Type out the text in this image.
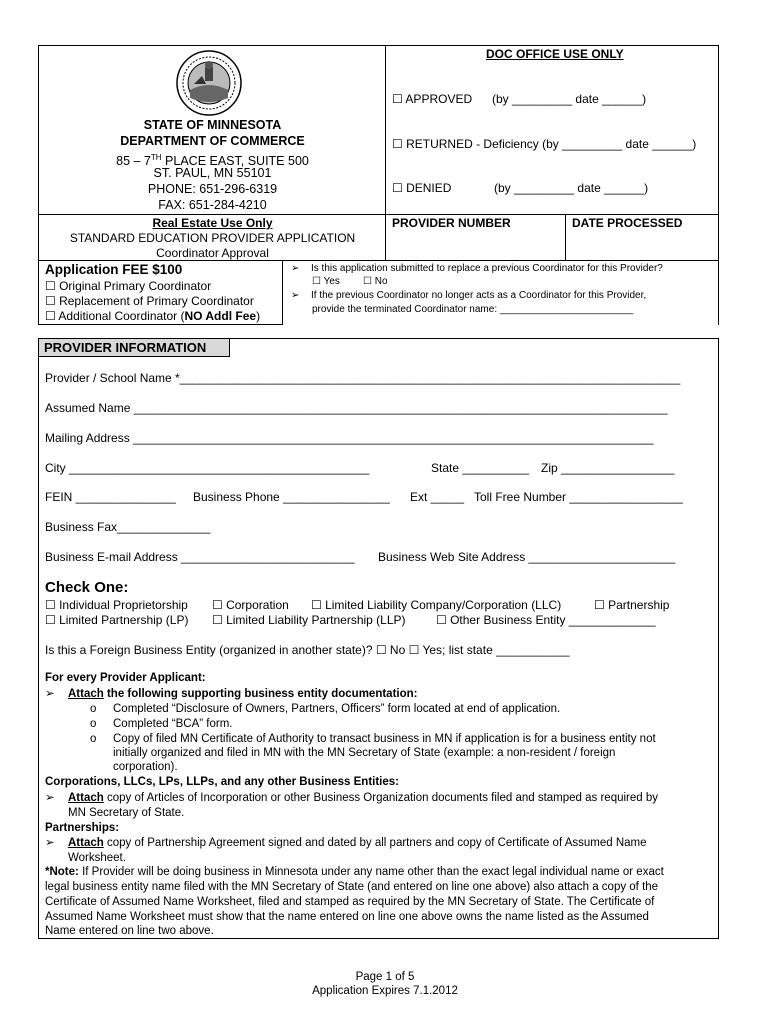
STATE OF MINNESOTA
DEPARTMENT OF COMMERCE
85 – 7TH PLACE EAST, SUITE 500
ST. PAUL, MN 55101
PHONE: 651-296-6319
FAX: 651-284-4210
Real Estate Use Only
STANDARD EDUCATION PROVIDER APPLICATION
Coordinator Approval
DOC OFFICE USE ONLY
☐ APPROVED (by _________ date ______)
☐ RETURNED - Deficiency (by _________ date ______)
☐ DENIED	(by _________ date ______)
PROVIDER NUMBER	DATE PROCESSED
Application FEE $100
☐ Original Primary Coordinator
☐ Replacement of Primary Coordinator
☐ Additional Coordinator (NO Addl Fee)
➢ Is this application submitted to replace a previous Coordinator for this Provider?
☐ Yes ☐ No
➢ If the previous Coordinator no longer acts as a Coordinator for this Provider,
provide the terminated Coordinator name: ________________________
PROVIDER INFORMATION
Provider / School Name *___________________________________________________________________________
Assumed Name ________________________________________________________________________________
Mailing Address ______________________________________________________________________________
City _____________________________________________	State __________ Zip _________________
FEIN _______________ Business Phone ________________ Ext _____ Toll Free Number _________________
Business Fax______________
Business E-mail Address __________________________ Business Web Site Address ______________________
Check One:
☐ Individual Proprietorship ☐ Corporation ☐ Limited Liability Company/Corporation (LLC)	☐ Partnership
☐ Limited Partnership (LP) ☐ Limited Liability Partnership (LLP)	☐ Other Business Entity _____________
Is this a Foreign Business Entity (organized in another state)? ☐ No ☐ Yes; list state ___________
For every Provider Applicant:
➢ Attach the following supporting business entity documentation:
o Completed “Disclosure of Owners, Partners, Officers” form located at end of application.
o Completed “BCA” form.
o Copy of filed MN Certificate of Authority to transact business in MN if application is for a business entity not
initially organized and filed in MN with the MN Secretary of State (example: a non-resident / foreign
corporation).
Corporations, LLCs, LPs, LLPs, and any other Business Entities:
➢ Attach copy of Articles of Incorporation or other Business Organization documents filed and stamped as required by
MN Secretary of State.
Partnerships:
➢ Attach copy of Partnership Agreement signed and dated by all partners and copy of Certificate of Assumed Name
Worksheet.
*Note: If Provider will be doing business in Minnesota under any name other than the exact legal individual name or exact
legal business entity name filed with the MN Secretary of State (and entered on line one above) also attach a copy of the
Certificate of Assumed Name Worksheet, filed and stamped as required by the MN Secretary of State. The Certificate of
Assumed Name Worksheet must show that the name entered on line one above owns the name listed as the Assumed
Name entered on line two above.
Page 1 of 5
Application Expires 7.1.2012
